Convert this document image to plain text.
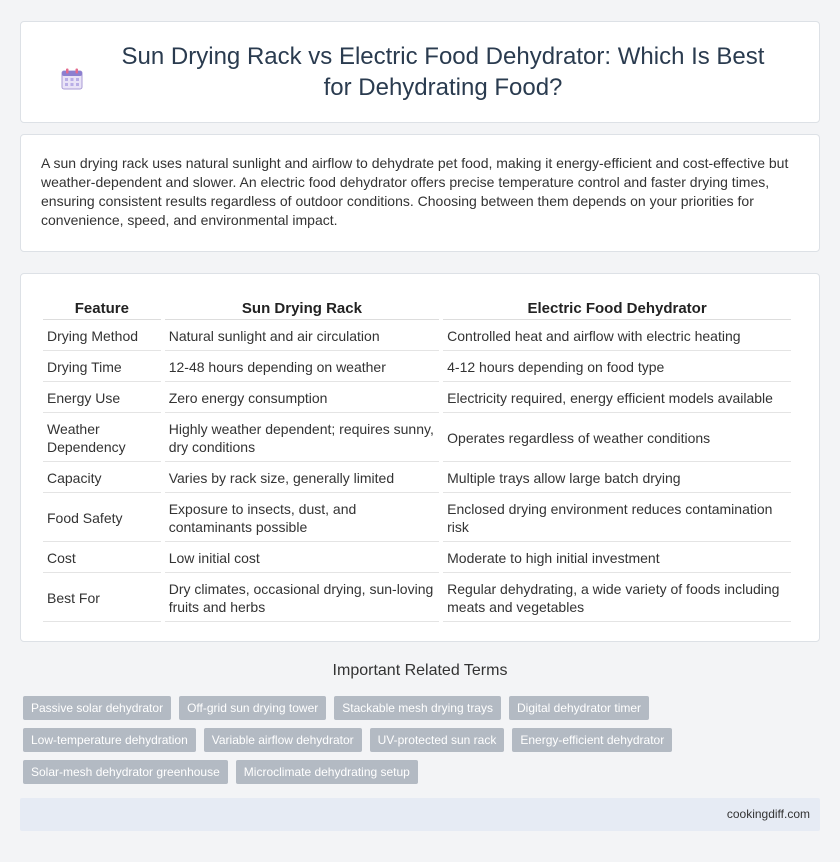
Sun Drying Rack vs Electric Food Dehydrator: Which Is Best for Dehydrating Food?

A sun drying rack uses natural sunlight and airflow to dehydrate pet food, making it energy-efficient and cost-effective but weather-dependent and slower. An electric food dehydrator offers precise temperature control and faster drying times, ensuring consistent results regardless of outdoor conditions. Choosing between them depends on your priorities for convenience, speed, and environmental impact.

Feature	Sun Drying Rack	Electric Food Dehydrator
Drying Method	Natural sunlight and air circulation	Controlled heat and airflow with electric heating
Drying Time	12-48 hours depending on weather	4-12 hours depending on food type
Energy Use	Zero energy consumption	Electricity required, energy efficient models available
Weather Dependency	Highly weather dependent; requires sunny, dry conditions	Operates regardless of weather conditions
Capacity	Varies by rack size, generally limited	Multiple trays allow large batch drying
Food Safety	Exposure to insects, dust, and contaminants possible	Enclosed drying environment reduces contamination risk
Cost	Low initial cost	Moderate to high initial investment
Best For	Dry climates, occasional drying, sun-loving fruits and herbs	Regular dehydrating, a wide variety of foods including meats and vegetables
Important Related Terms
Passive solar dehydrator	Off-grid sun drying tower	Stackable mesh drying trays	Digital dehydrator timer
Low-temperature dehydration	Variable airflow dehydrator	UV-protected sun rack	Energy-efficient dehydrator
Solar-mesh dehydrator greenhouse	Microclimate dehydrating setup
cookingdiff.com
